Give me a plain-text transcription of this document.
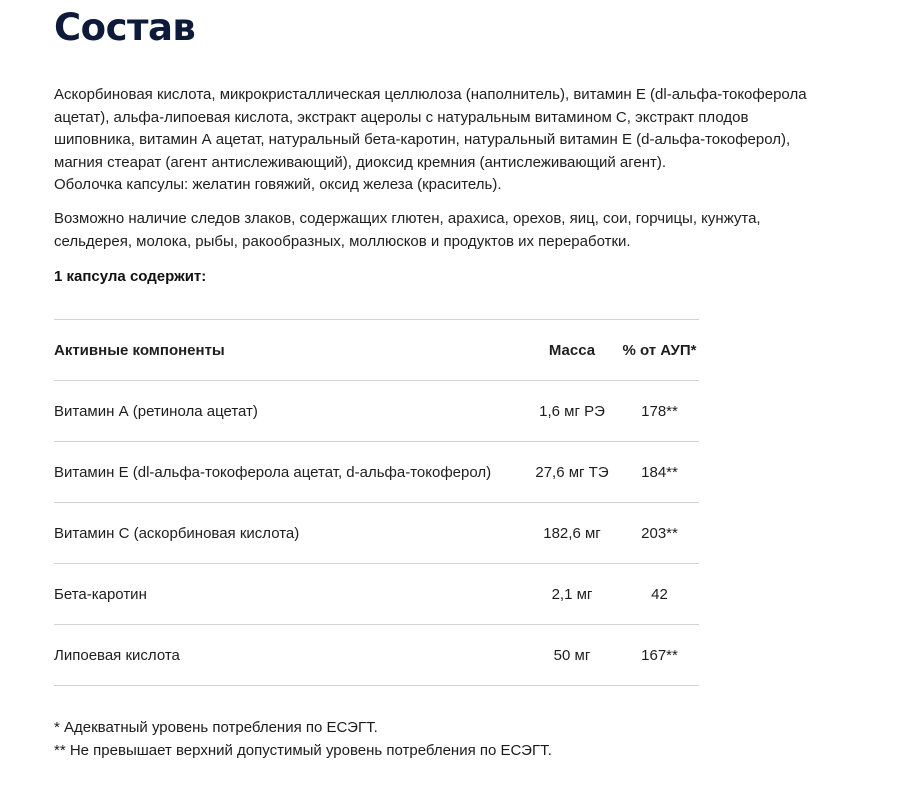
Состав

Аскорбиновая кислота, микрокристаллическая целлюлоза (наполнитель), витамин Е (dl-альфа-токоферола
ацетат), альфа-липоевая кислота, экстракт ацеролы с натуральным витамином С, экстракт плодов
шиповника, витамин А ацетат, натуральный бета-каротин, натуральный витамин Е (d-альфа-токоферол),
магния стеарат (агент антислеживающий), диоксид кремния (антислеживающий агент).
Оболочка капсулы: желатин говяжий, оксид железа (краситель).

Возможно наличие следов злаков, содержащих глютен, арахиса, орехов, яиц, сои, горчицы, кунжута,
сельдерея, молока, рыбы, ракообразных, моллюсков и продуктов их переработки.

1 капсула содержит:

Активные компоненты	Масса	% от АУП*
Витамин А (ретинола ацетат)	1,6 мг РЭ	178**
Витамин Е (dl-альфа-токоферола ацетат, d-альфа-токоферол)	27,6 мг ТЭ	184**
Витамин С (аскорбиновая кислота)	182,6 мг	203**
Бета-каротин	2,1 мг	42
Липоевая кислота	50 мг	167**

* Адекватный уровень потребления по ЕСЭГТ.
** Не превышает верхний допустимый уровень потребления по ЕСЭГТ.
